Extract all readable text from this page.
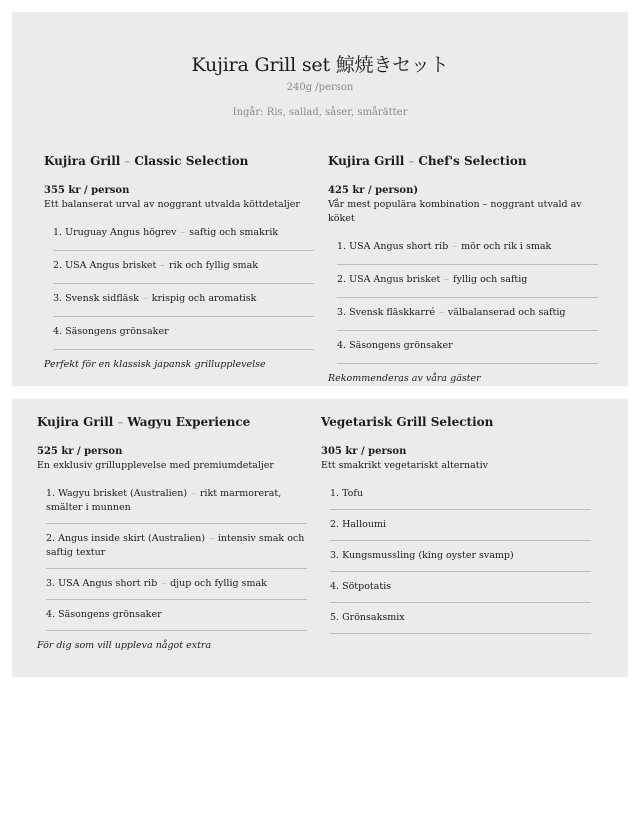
Kujira Grill set 鯨焼きセット
240g /person
Ingår: Ris, sallad, såser, smårätter
Kujira Grill – Classic Selection
355 kr / person
Ett balanserat urval av noggrant utvalda köttdetaljer
1. Uruguay Angus högrev – saftig och smakrik
2. USA Angus brisket – rik och fyllig smak
3. Svensk sidfläsk – krispig och aromatisk
4. Säsongens grönsaker
Perfekt för en klassisk japansk grillupplevelse
Kujira Grill – Chef's Selection
425 kr / person)
Vår mest populära kombination – noggrant utvald av köket
1. USA Angus short rib – mör och rik i smak
2. USA Angus brisket – fyllig och saftig
3. Svensk fläskkarré – välbalanserad och saftig
4. Säsongens grönsaker
Rekommenderas av våra gäster
Kujira Grill – Wagyu Experience
525 kr / person
En exklusiv grillupplevelse med premiumdetaljer
1. Wagyu brisket (Australien) – rikt marmorerat, smälter i munnen
2. Angus inside skirt (Australien) – intensiv smak och saftig textur
3. USA Angus short rib – djup och fyllig smak
4. Säsongens grönsaker
För dig som vill uppleva något extra
Vegetarisk Grill Selection
305 kr / person
Ett smakrikt vegetariskt alternativ
1. Tofu
2. Halloumi
3. Kungsmussling (king oyster svamp)
4. Sötpotatis
5. Grönsaksmix
